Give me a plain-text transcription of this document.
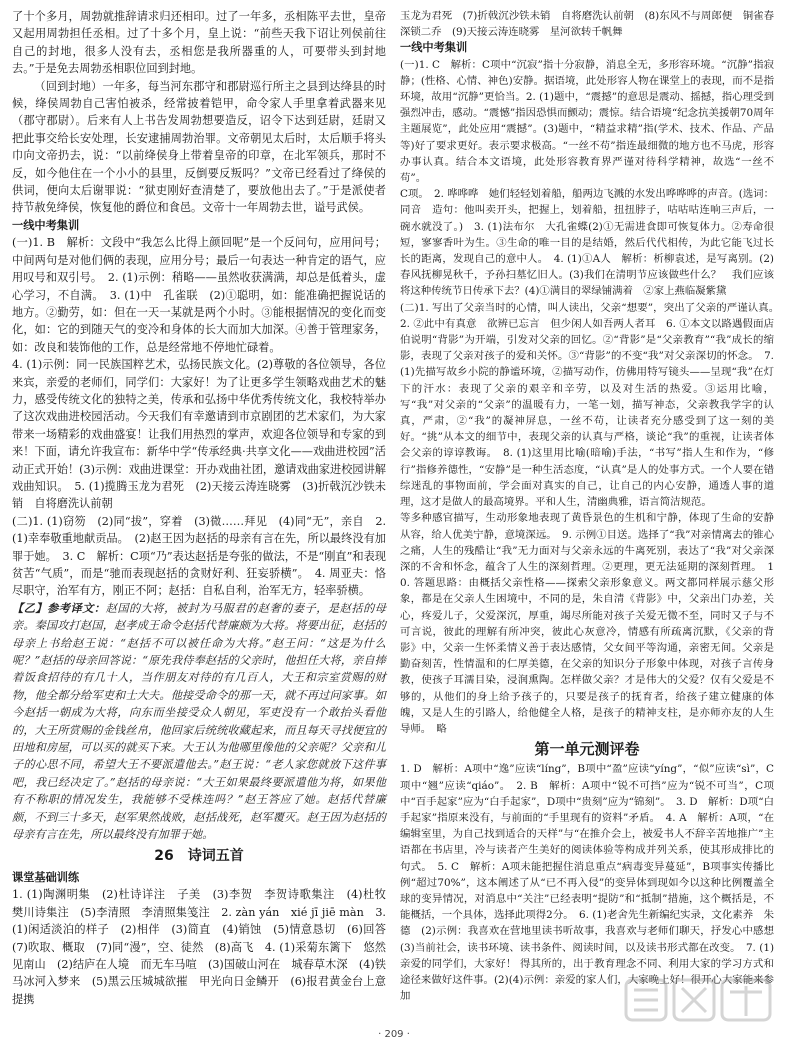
了十个多月，周勃就推辞请求归还相印。过了一年多，丞相陈平去世，皇帝又起用周勃担任丞相。过了十多个月，皇上说：“前些天我下诏让列侯前往自己的封地，很多人没有去，丞相您是我所器重的人，可要带头到封地去。”于是免去周勃丞相职位回到封地。

（回到封地）一年多，每当河东郡守和郡尉巡行所主之县到达绛县的时候，绛侯周勃自己害怕被杀，经常披着铠甲，命令家人手里拿着武器来见（郡守郡尉）。后来有人上书告发周勃想要造反，诏令下达到廷尉，廷尉又把此事交给长安处理，长安逮捕周勃治罪。文帝朝见太后时，太后顺手将头巾向文帝扔去，说：“以前绛侯身上带着皇帝的印章，在北军领兵，那时不反，如今他住在一个小小的县里，反倒要反叛吗？”文帝已经看过了绛侯的供词，便向太后谢罪说：“狱吏刚好查清楚了，要放他出去了。”于是派使者持节赦免绛侯，恢复他的爵位和食邑。文帝十一年周勃去世，谥号武侯。

一线中考集训

(一)1. B　解析：文段中“我怎么比得上颜回呢”是一个反问句，应用问号；中间两句是对他们俩的表现，应用分号；最后一句表达一种肯定的语气，应用叹号和双引号。　2. (1)示例：稍略——虽然收获满满，却总是低着头，虚心学习，不自满。　3. (1)中　孔雀联　(2)①聪明，如：能准确把握说话的地方。②勤劳，如：但在一天一某就是两个小时。③能根据情况的变化而变化，如：它的到随天气的变冷和身体的长大而加大加深。④善于管理家务，如：改良和装饰他的工作，总是经常地不停地忙碌着。

4. (1)示例：同一民族国粹艺术，弘扬民族文化。(2)尊敬的各位领导，各位来宾，亲爱的老师们，同学们：大家好！为了让更多学生领略戏曲艺术的魅力，感受传统文化的独特之美，传承和弘扬中华优秀传统文化，我校特举办了这次戏曲进校园活动。今天我们有幸邀请到市京剧团的艺术家们，为大家带来一场精彩的戏曲盛宴！让我们用热烈的掌声，欢迎各位领导和专家的到来！下面，请允许我宣布：新华中学“传承经典·共享文化——戏曲进校园”活动正式开始！(3)示例：戏曲进课堂：开办戏曲社团，邀请戏曲家进校园讲解戏曲知识。　5. (1)揽腾玉龙为君死　(2)天接云涛连晓雾　(3)折戟沉沙铁未销　自将磨洗认前朝

(二)1. (1)窃笏　(2)同“拔”，穿着　(3)微……拜见　(4)同“无”，亲自　2. (1)幸奉敬重地献贡品。　(2)赵王因为赵括的母亲有言在先，所以最终没有加罪于她。　3. C　解析：C项“乃”表达赵括是夸张的做法，不是“刚直”和表现贫苦“气质”，而是“驰而表现赵括的贪财好利、狂妄骄横”。　4. 周亚夫：恪尽职守，治军有方，刚正不阿；赵括：自私自利，治军无方，轻率骄横。

【乙】参考译文：赵国的大将，被封为马服君的赵奢的妻子，是赵括的母亲。秦国攻打赵国，赵孝成王命令赵括代替廉颇为大将。将要出征，赵括的母亲上书给赵王说：“赵括不可以被任命为大将。”赵王问：“这是为什么呢？”赵括的母亲回答说：“原先我侍奉赵括的父亲时，他担任大将，亲自捧着饭食招待的有几十人，当作朋友对待的有几百人，大王和宗室赏赐的财物，他全都分给军吏和士大夫。他接受命令的那一天，就不再过问家事。如今赵括一朝成为大将，向东而坐接受众人朝见，军吏没有一个敢抬头看他的，大王所赏赐的金钱丝帛，他回家后统统收藏起来，而且每天寻找便宜的田地和房屋，可以买的就买下来。大王认为他哪里像他的父亲呢？父亲和儿子的心思不同，希望大王不要派遣他去。”赵王说：“老人家您就放下这件事吧，我已经决定了。”赵括的母亲说：“大王如果最终要派遣他为将，如果他有不称职的情况发生，我能够不受株连吗？”赵王答应了她。赵括代替廉颇，不到三十多天，赵军果然战败，赵括战死，赵军覆灭。赵王因为赵括的母亲有言在先，所以最终没有加罪于她。

26　诗词五首

课堂基础训练

1. (1)陶渊明集　(2)杜诗详注　子美　(3)李贺　李贺诗歌集注　(4)杜牧　樊川诗集注　(5)李清照　李清照集笺注　2. zàn yán　xié jī jiē màn　3. (1)闲适淡泊的样子　(2)相伴　(3)简直　(4)销蚀　(5)情意恳切　(6)回答　(7)吹取、概取　(7)同“漫”，空、徒然　(8)高飞　4. (1)采菊东篱下　悠然见南山　(2)结庐在人境　而无车马喧　(3)国破山河在　城春草木深　(4)铁马冰河入梦来　(5)黑云压城城欲摧　甲光向日金鳞开　(6)报君黄金台上意　提携

玉龙为君死　(7)折戟沉沙铁未销　自将磨洗认前朝　(8)东风不与周郎便　铜雀春深锁二乔　(9)天接云涛连晓雾　星河欲转千帆舞

一线中考集训

(一)1. C　解析：C项中“沉寂”指十分寂静，消息全无，多形容环境。“沉静”指寂静；(性格、心情、神色)安静。据语境，此处形容人物在课堂上的表现，而不是指环境，故用“沉静”更恰当。2. (1)题中，“震撼”的意思是震动、摇撼，指心理受到强烈冲击，感动。“震憾”指因恐惧而颤动；震惊。结合语境“纪念抗美援朝70周年主题展览”，此处应用“震撼”。(3)题中，“精益求精”指(学术、技术、作品、产品等)好了要求更好。表示要求极高。“一丝不苟”指连最细微的地方也不马虎，形容办事认真。结合本文语境，此处形容教育界严谨对待科学精神，故选“一丝不苟”。

C项。　2. 哗哗哗　她们轻轻划着船，船两边飞溅的水发出哗哗哗的声音。(选词：同音　造句：他叫卖开头，把握上，划着船，扭扭脖子，咕咕咕连响三声后，一碗水就没了。)　3. (1)法布尔　大孔雀蝶(2)①无需进食即可恢复体力。②寿命很短，寥寥香叶为生。③生命的唯一目的是结婚，然后代代相传，为此它能飞过长长的距离，发现自己的意中人。　4. (1)①A人　解析：析柳袁述，是写离别。(2)春风抚柳晃秋千，予孙扫墓忆旧人。(3)我们在清明节应该做些什么？　我们应该将这种传统节日传承下去？(4)①满目的翠绿铺满着　②家上燕临凝紫黛

(二)1. 写出了父亲当时的心情，叫人读出，父亲“想要”，突出了父亲的严谨认真。　2. ②此中有真意　欲辨已忘言　但少闲人如吾两人者耳　6. ①本文以路遇假面店伯说明“背影”为开端，引发对父亲的回忆。②“背影”是“父亲教育”“我”成长的缩影，表现了父亲对孩子的爱和关怀。③“背影”的不变“我”对父亲深切的怀念。　7. (1)先描写故乡小院的静谧环境，②描写动作，仿佛用特写镜头——呈现“我”在灯下的汗水：表现了父亲的艰辛和辛劳，以及对生活的热爱。③运用比喻，写“我”对父亲的“父亲”的温暖有力，一笔一划，描写神态，父亲教我学字的认真，严肃，②“我”的凝神屏息，一丝不苟，让读者充分感受到了这一刻的美好。“挑”从本文的细节中，表现父亲的认真与严格，谈论“我”的重视，让读者体会父亲的谆谆教诲。　8. (1)这里用比喻(暗喻)手法，“书写”指人生和作为，“修行”指修养德性，“安静”是一种生活态度，“认真”是人的处事方式。一个人要在错综迷乱的事物面前，学会面对真实的自己，让自己的内心安静，通透人事的道理，这才是做人的最高境界。平和人生，清幽典雅，语言简洁规范。

等多种感官描写，生动形象地表现了黄昏景色的生机和宁静，体现了生命的安静从容，给人优美宁静，意境深远。　9. 示例①目送。选择了“我”对亲情离去的锥心之痛，人生的残酷让“我”无力面对与父亲永远的牛离死别，表达了“我”对父亲深深的不舍和怀念，蕴含了人生的深刻哲理。②更理，更无法延期的深刻哲理。　10. 答题思路：由概括父亲性格——探索父亲形象意义。两文都同样展示慈父形象，都是在父亲人生困境中，不同的是，朱自清《背影》中，父亲出门办差，关心，疼爱儿子，父爱深沉，厚重，竭尽所能对孩子关爱无微不至，同时又子与不可言说，彼此的理解有所冲突，彼此心灰意冷，情感有所疏离沉默，《父亲的背影》中，父亲一生怀柔情义善于表达感情，父女间平等沟通，亲密无间。父亲是勤奋刻苦，性情温和的仁厚美德，在父亲的知识分子形象中体现，对孩子言传身教，使孩子耳濡目染，浸润熏陶。怎样做父亲？才是伟大的父爱？仅有父爱是不够的，从他们的身上给予孩子的，只要是孩子的抚育者，给孩子建立健康的体魄，又是人生的引路人，给他健全人格，是孩子的精神支柱，是亦师亦友的人生导师。　略

第一单元测评卷

1. D　解析：A项中“逸”应读“líng”，B项中“盈”应读“yíng”，“似”应读“sì”，C项中“翘”应读“qiáo”。　2. B　解析：A项中“锐不可挡”应为“锐不可当”，C项中“百手起家”应为“白手起家”，D项中“贵刻”应为“锦刻”。　3. D　解析：D项“白手起家”指原来没有，与前面的“手里现有的资料”矛盾。　4. A　解析：A项，“在编辑室里，为自己找到适合的天样”与“在推介会上，被爱书人不辞辛苦地推广”主语都在书店里，冷与读者产生美好的阅读体验等构成并列关系，使其形成排比的句式。　5. C　解析：A项未能把握住消息重点“病毒变异蔓延”，B项事实传播比例“超过70%”，这本阐述了从“已不再入侵”的变异体到现如今以这种比例覆盖全球的变异情况，对消息中“关注”已经表明“提防”和“抵制”措施，这个概括是，不能概括，一个具体，选择此项得2分。　6. (1)老舍先生新编纪实录，文化素养　朱德　(2)示例：我喜欢在营地里读书听故事，我喜欢与老师们聊天，抒发心中感想　(3)当前社会，读书环境、读书条件、阅读时间，以及读书形式都在改变。　7. (1)亲爱的同学们，大家好！ 得其所的，出于教育理念不同、利用大家的学习方式和途径来做好这件事。(2)(4)示例：亲爱的家人们，大家晚上好！很开心大家能来参加

· 209 ·
